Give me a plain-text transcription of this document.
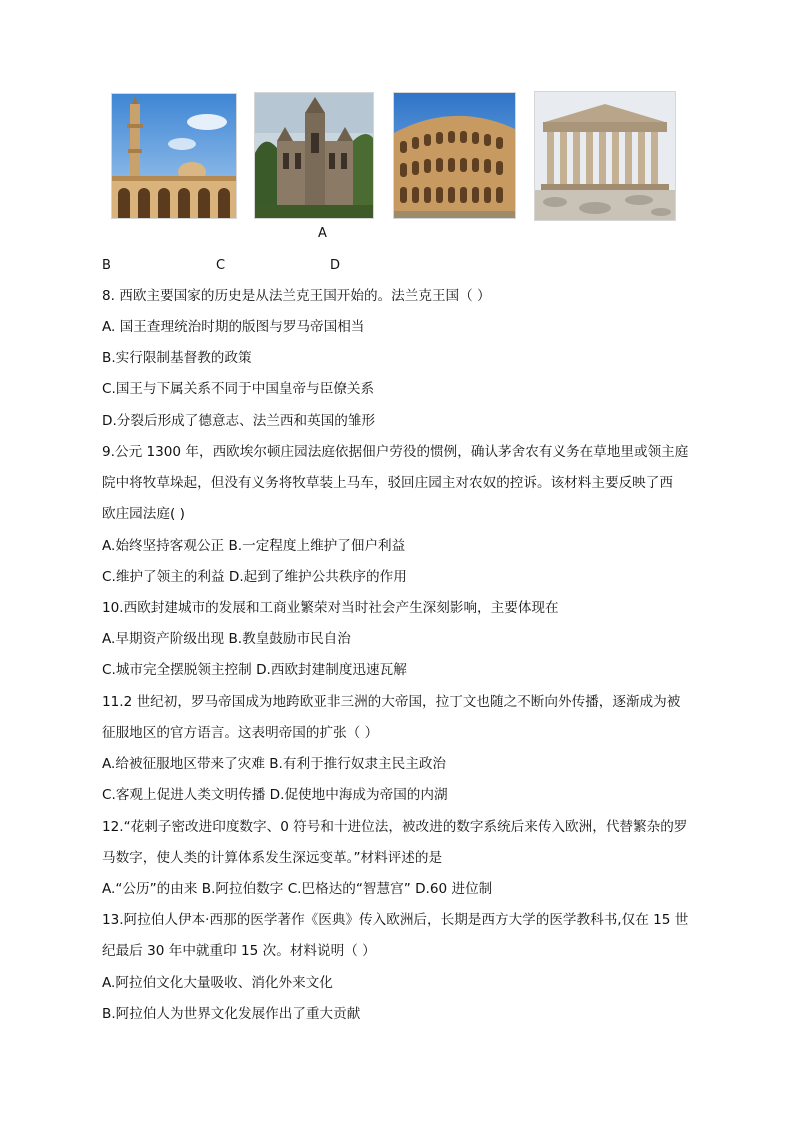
A
B	C	D
8. 西欧主要国家的历史是从法兰克王国开始的。法兰克王国（ ）
A. 国王查理统治时期的版图与罗马帝国相当
B.实行限制基督教的政策
C.国王与下属关系不同于中国皇帝与臣僚关系
D.分裂后形成了德意志、法兰西和英国的雏形
9.公元 1300 年，西欧埃尔顿庄园法庭依据佃户劳役的惯例，确认茅舍农有义务在草地里或领主庭
院中将牧草垛起，但没有义务将牧草装上马车，驳回庄园主对农奴的控诉。该材料主要反映了西
欧庄园法庭( )
A.始终坚持客观公正 B.一定程度上维护了佃户利益
C.维护了领主的利益 D.起到了维护公共秩序的作用
10.西欧封建城市的发展和工商业繁荣对当时社会产生深刻影响，主要体现在
A.早期资产阶级出现 B.教皇鼓励市民自治
C.城市完全摆脱领主控制 D.西欧封建制度迅速瓦解
11.2 世纪初，罗马帝国成为地跨欧亚非三洲的大帝国，拉丁文也随之不断向外传播，逐渐成为被
征服地区的官方语言。这表明帝国的扩张（ ）
A.给被征服地区带来了灾难 B.有利于推行奴隶主民主政治
C.客观上促进人类文明传播 D.促使地中海成为帝国的内湖
12.“花剌子密改进印度数字、0 符号和十进位法，被改进的数字系统后来传入欧洲，代替繁杂的罗
马数字，使人类的计算体系发生深远变革。”材料评述的是
A.“公历”的由来 B.阿拉伯数字 C.巴格达的“智慧宫” D.60 进位制
13.阿拉伯人伊本·西那的医学著作《医典》传入欧洲后，长期是西方大学的医学教科书,仅在 15 世
纪最后 30 年中就重印 15 次。材料说明（ ）
A.阿拉伯文化大量吸收、消化外来文化
B.阿拉伯人为世界文化发展作出了重大贡献
